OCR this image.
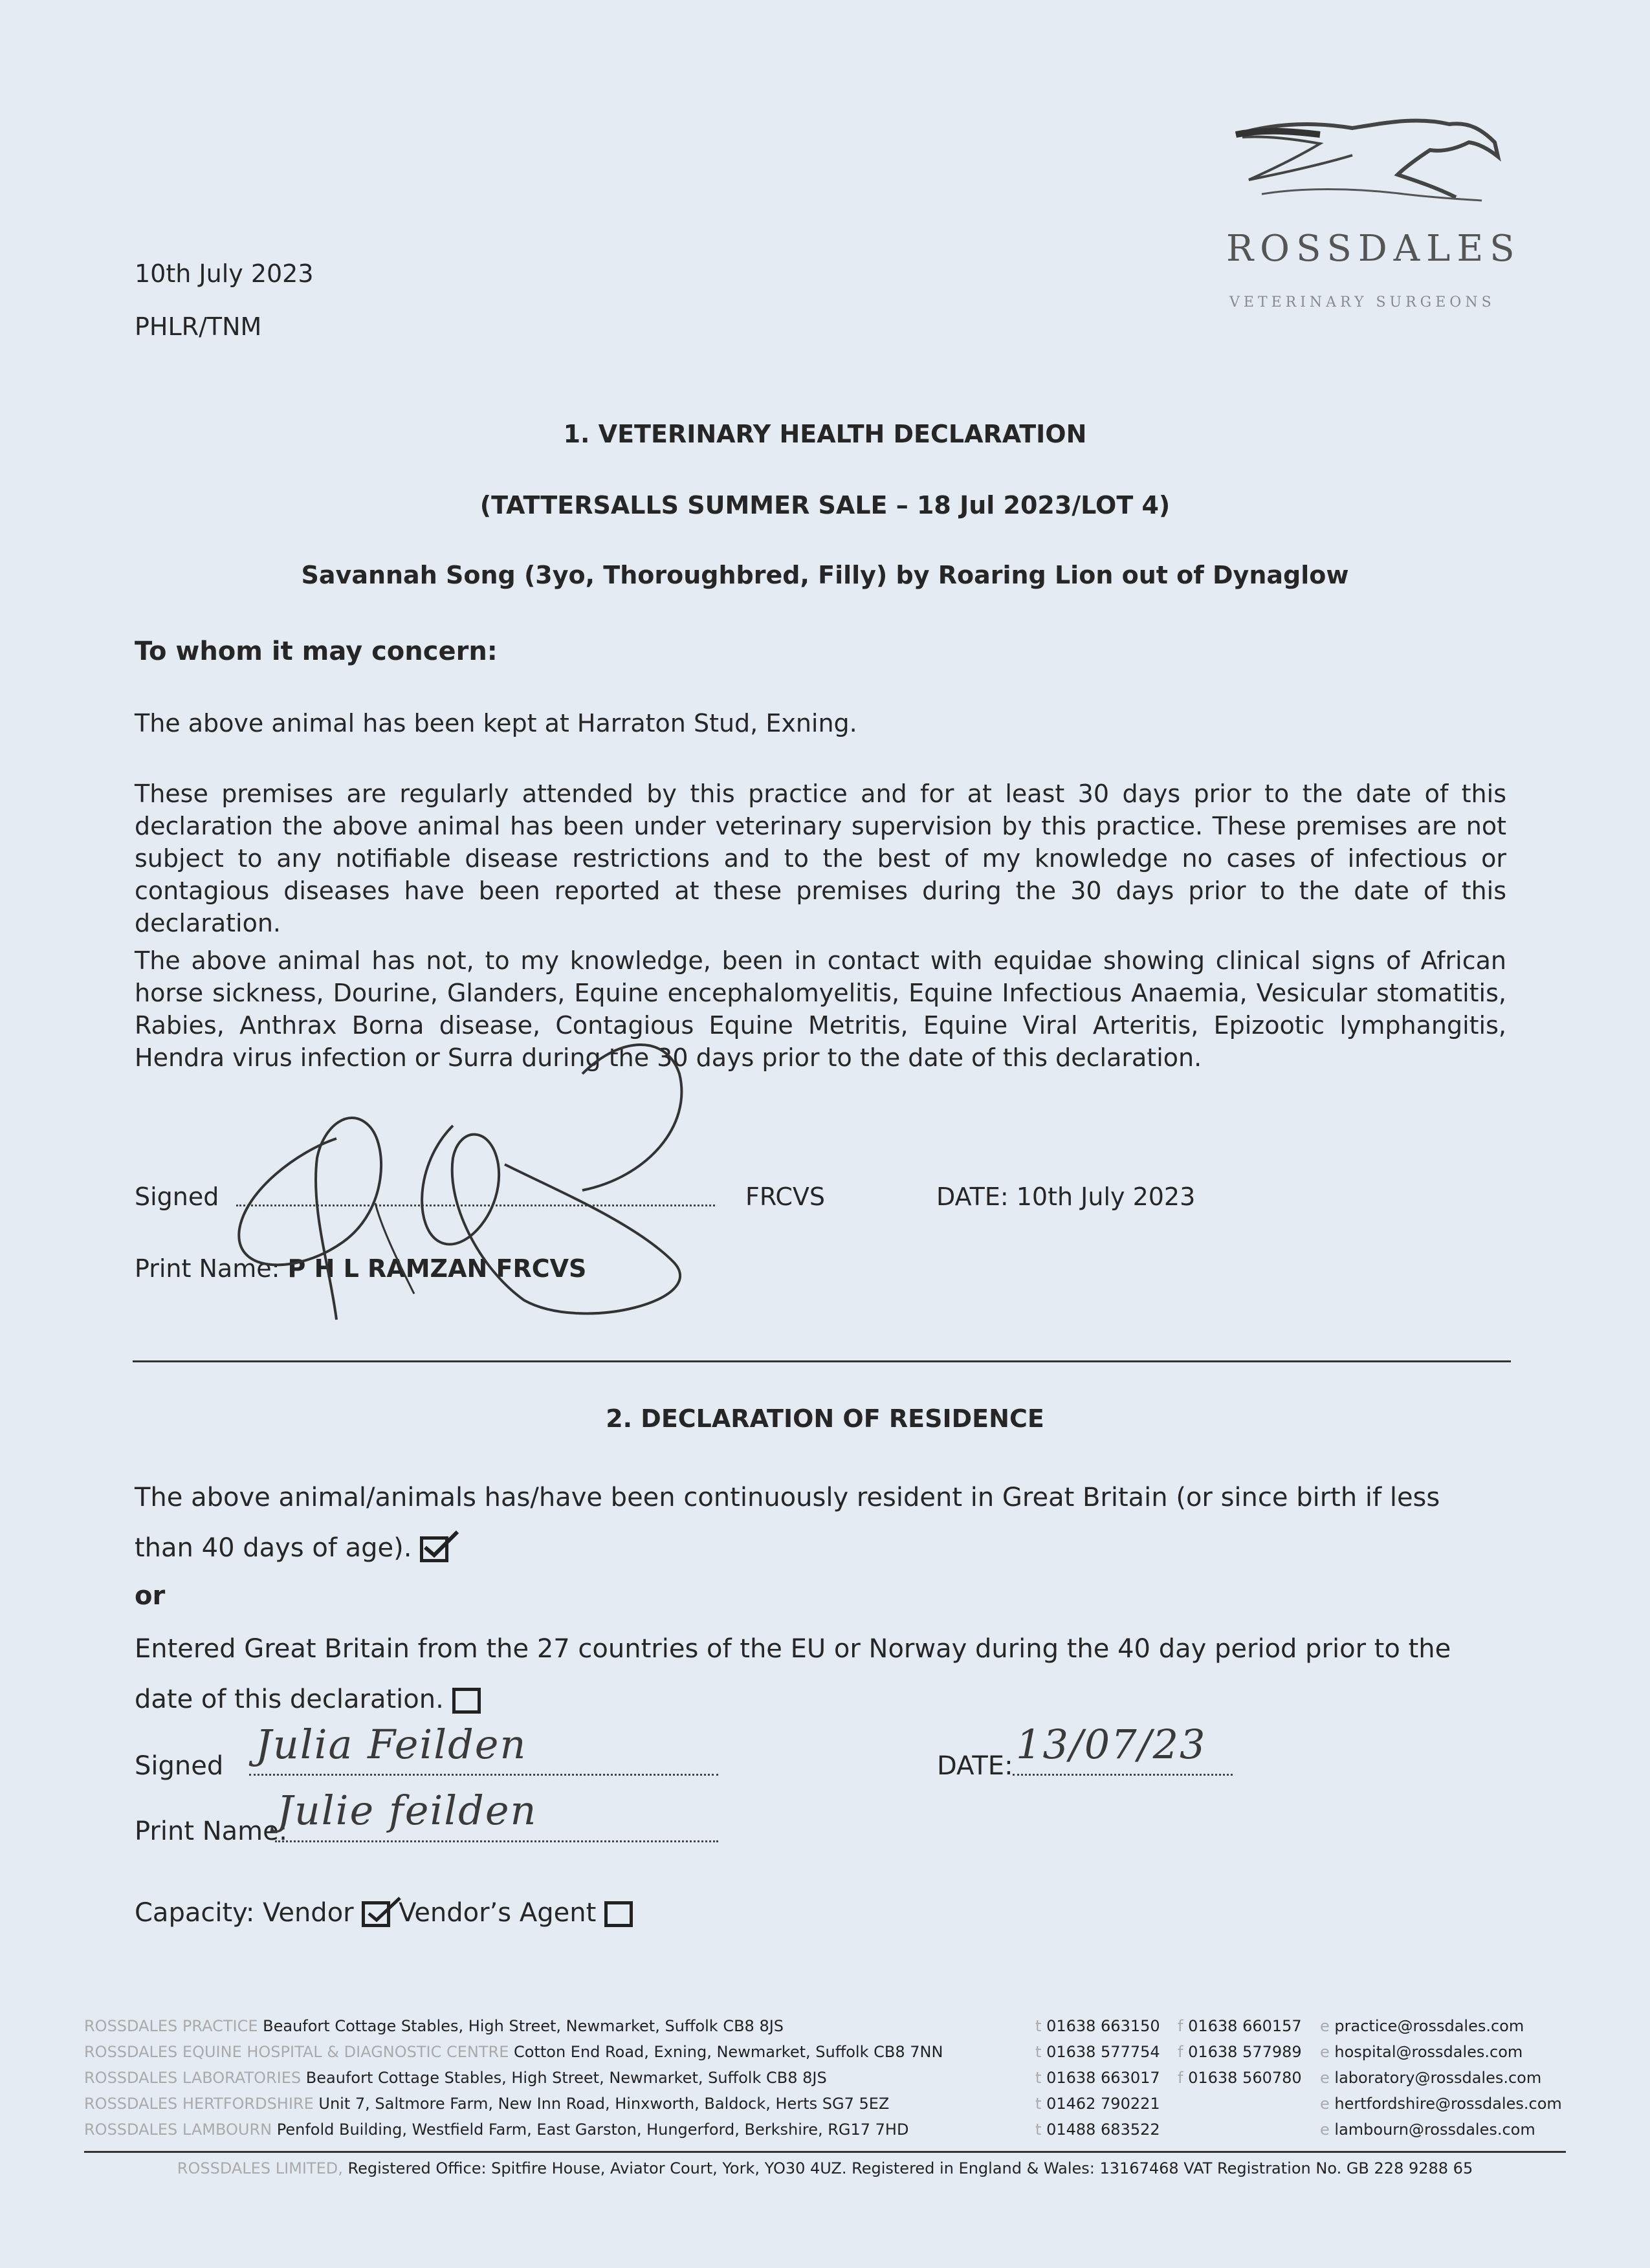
ROSSDALES
VETERINARY SURGEONS
10th July 2023
PHLR/TNM
1. VETERINARY HEALTH DECLARATION
(TATTERSALLS SUMMER SALE – 18 Jul 2023/LOT 4)
Savannah Song (3yo, Thoroughbred, Filly) by Roaring Lion out of Dynaglow
To whom it may concern:
The above animal has been kept at Harraton Stud, Exning.
These premises are regularly attended by this practice and for at least 30 days prior to the date of this declaration the above animal has been under veterinary supervision by this practice. These premises are not subject to any notifiable disease restrictions and to the best of my knowledge no cases of infectious or contagious diseases have been reported at these premises during the 30 days prior to the date of this declaration.
The above animal has not, to my knowledge, been in contact with equidae showing clinical signs of African horse sickness, Dourine, Glanders, Equine encephalomyelitis, Equine Infectious Anaemia, Vesicular stomatitis, Rabies, Anthrax Borna disease, Contagious Equine Metritis, Equine Viral Arteritis, Epizootic lymphangitis, Hendra virus infection or Surra during the 30 days prior to the date of this declaration.
Signed	FRCVS	DATE: 10th July 2023
Print Name: P H L RAMZAN FRCVS
2. DECLARATION OF RESIDENCE
The above animal/animals has/have been continuously resident in Great Britain (or since birth if less than 40 days of age).
or
Entered Great Britain from the 27 countries of the EU or Norway during the 40 day period prior to the date of this declaration.
Signed Julia Feilden	DATE: 13/07/23
Print Name:
Julie feilden
Capacity: Vendor Vendor’s Agent
ROSSDALES PRACTICE Beaufort Cottage Stables, High Street, Newmarket, Suffolk CB8 8JS	t 01638 663150 f 01638 660157 e practice@rossdales.com
ROSSDALES EQUINE HOSPITAL & DIAGNOSTIC CENTRE Cotton End Road, Exning, Newmarket, Suffolk CB8 7NN	t 01638 577754 f 01638 577989 e hospital@rossdales.com
ROSSDALES LABORATORIES Beaufort Cottage Stables, High Street, Newmarket, Suffolk CB8 8JS	t 01638 663017 f 01638 560780 e laboratory@rossdales.com
ROSSDALES HERTFORDSHIRE Unit 7, Saltmore Farm, New Inn Road, Hinxworth, Baldock, Herts SG7 5EZ	t 01462 790221	e hertfordshire@rossdales.com
ROSSDALES LAMBOURN Penfold Building, Westfield Farm, East Garston, Hungerford, Berkshire, RG17 7HD	t 01488 683522	e lambourn@rossdales.com
ROSSDALES LIMITED, Registered Office: Spitfire House, Aviator Court, York, YO30 4UZ. Registered in England & Wales: 13167468 VAT Registration No. GB 228 9288 65
